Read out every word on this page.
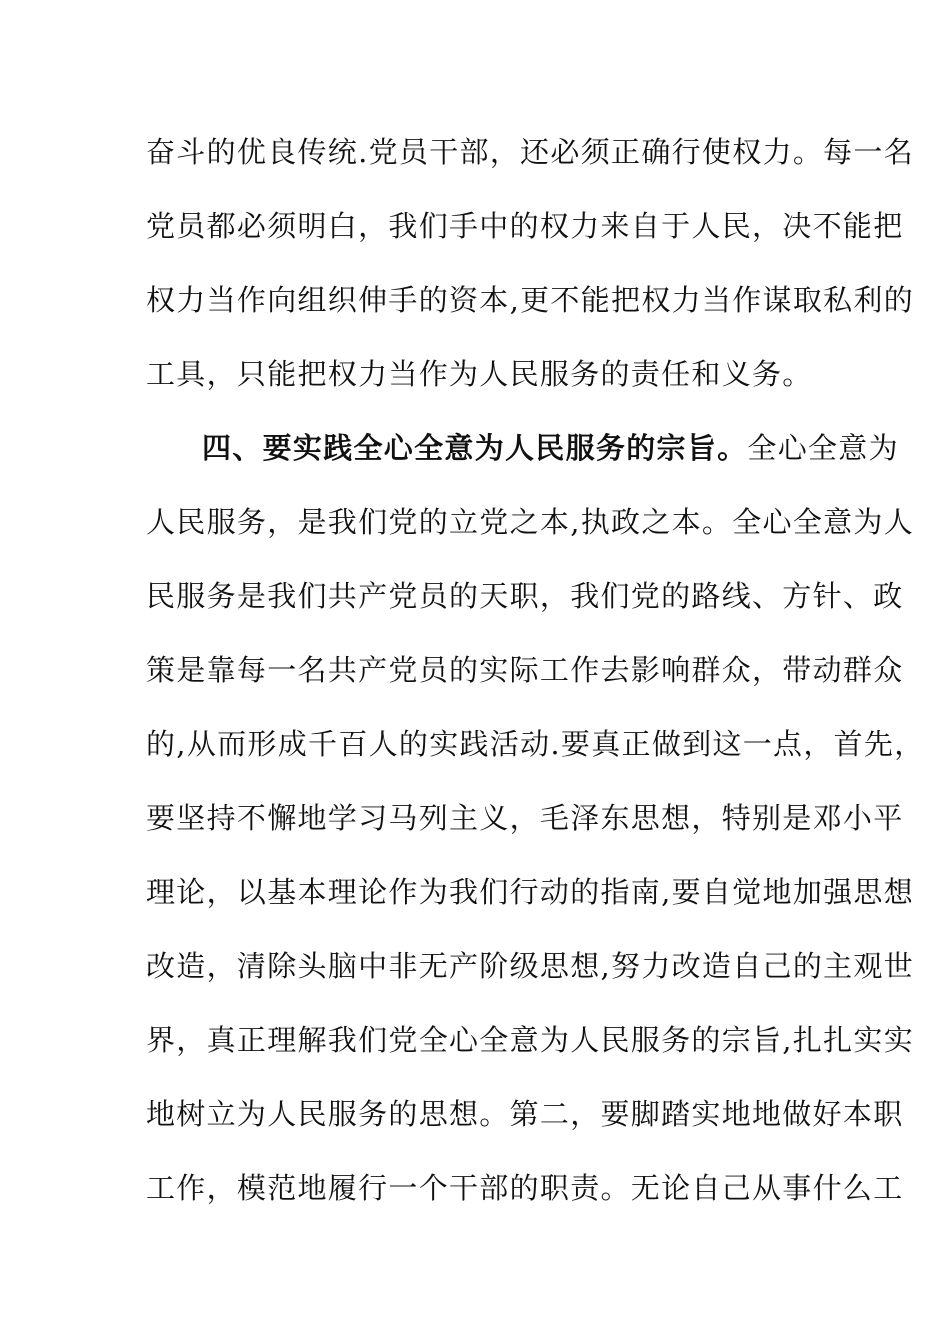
奋斗的优良传统.党员干部，还必须正确行使权力。每一名
党员都必须明白，我们手中的权力来自于人民，决不能把
权力当作向组织伸手的资本,更不能把权力当作谋取私利的
工具，只能把权力当作为人民服务的责任和义务。
四、要实践全心全意为人民服务的宗旨。全心全意为
人民服务，是我们党的立党之本,执政之本。全心全意为人
民服务是我们共产党员的天职，我们党的路线、方针、政
策是靠每一名共产党员的实际工作去影响群众，带动群众
的,从而形成千百人的实践活动.要真正做到这一点，首先，
要坚持不懈地学习马列主义，毛泽东思想，特别是邓小平
理论，以基本理论作为我们行动的指南,要自觉地加强思想
改造，清除头脑中非无产阶级思想,努力改造自己的主观世
界，真正理解我们党全心全意为人民服务的宗旨,扎扎实实
地树立为人民服务的思想。第二，要脚踏实地地做好本职
工作，模范地履行一个干部的职责。无论自己从事什么工
